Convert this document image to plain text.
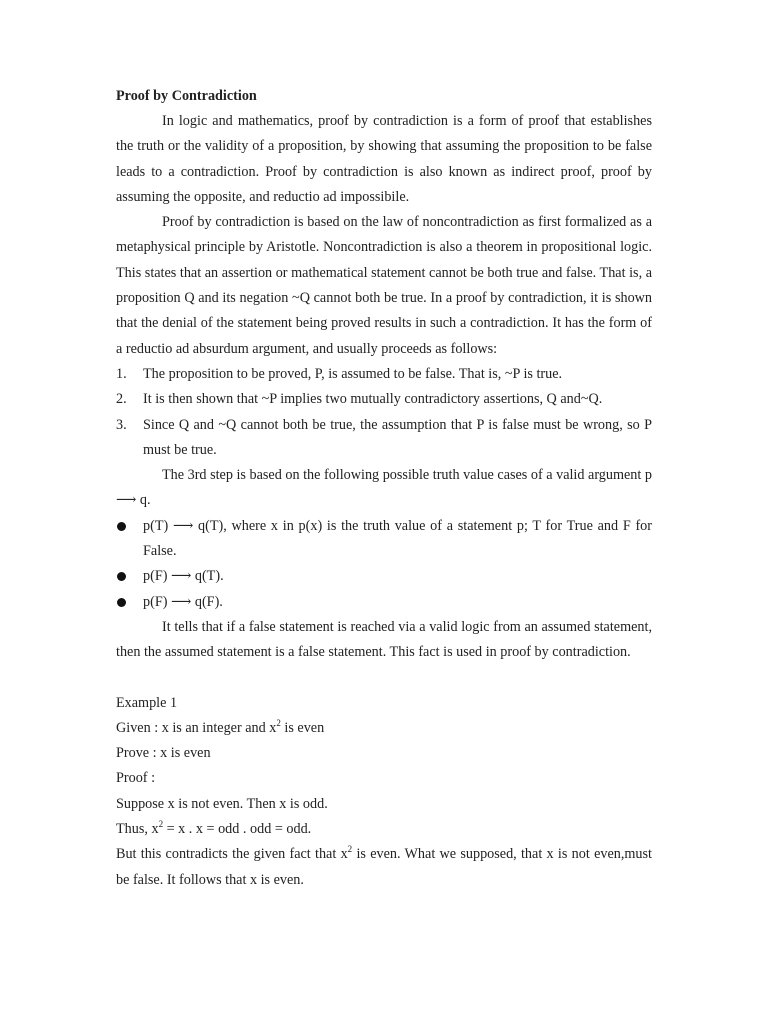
Proof by Contradiction

In logic and mathematics, proof by contradiction is a form of proof that establishes the truth or the validity of a proposition, by showing that assuming the proposition to be false leads to a contradiction. Proof by contradiction is also known as indirect proof, proof by assuming the opposite, and reductio ad impossibile.

Proof by contradiction is based on the law of noncontradiction as first formalized as a metaphysical principle by Aristotle. Noncontradiction is also a theorem in propositional logic. This states that an assertion or mathematical statement cannot be both true and false. That is, a proposition Q and its negation ~Q cannot both be true. In a proof by contradiction, it is shown that the denial of the statement being proved results in such a contradiction. It has the form of a reductio ad absurdum argument, and usually proceeds as follows:

1. The proposition to be proved, P, is assumed to be false. That is, ~P is true.
2. It is then shown that ~P implies two mutually contradictory assertions, Q and~Q.
3. Since Q and ~Q cannot both be true, the assumption that P is false must be wrong, so P must be true.

The 3rd step is based on the following possible truth value cases of a valid argument p ⟶ q.

p(T) ⟶ q(T), where x in p(x) is the truth value of a statement p; T for True and F for False.
p(F) ⟶ q(T).
p(F) ⟶ q(F).

It tells that if a false statement is reached via a valid logic from an assumed statement, then the assumed statement is a false statement. This fact is used in proof by contradiction.

Example 1
Given : x is an integer and $x^2$ is even
Prove : x is even
Proof :
Suppose x is not even. Then x is odd.
Thus, $x^2 = x$ . x = odd . odd = odd.
But this contradicts the given fact that $x^2$ is even. What we supposed, that x is not even,must be false. It follows that x is even.
